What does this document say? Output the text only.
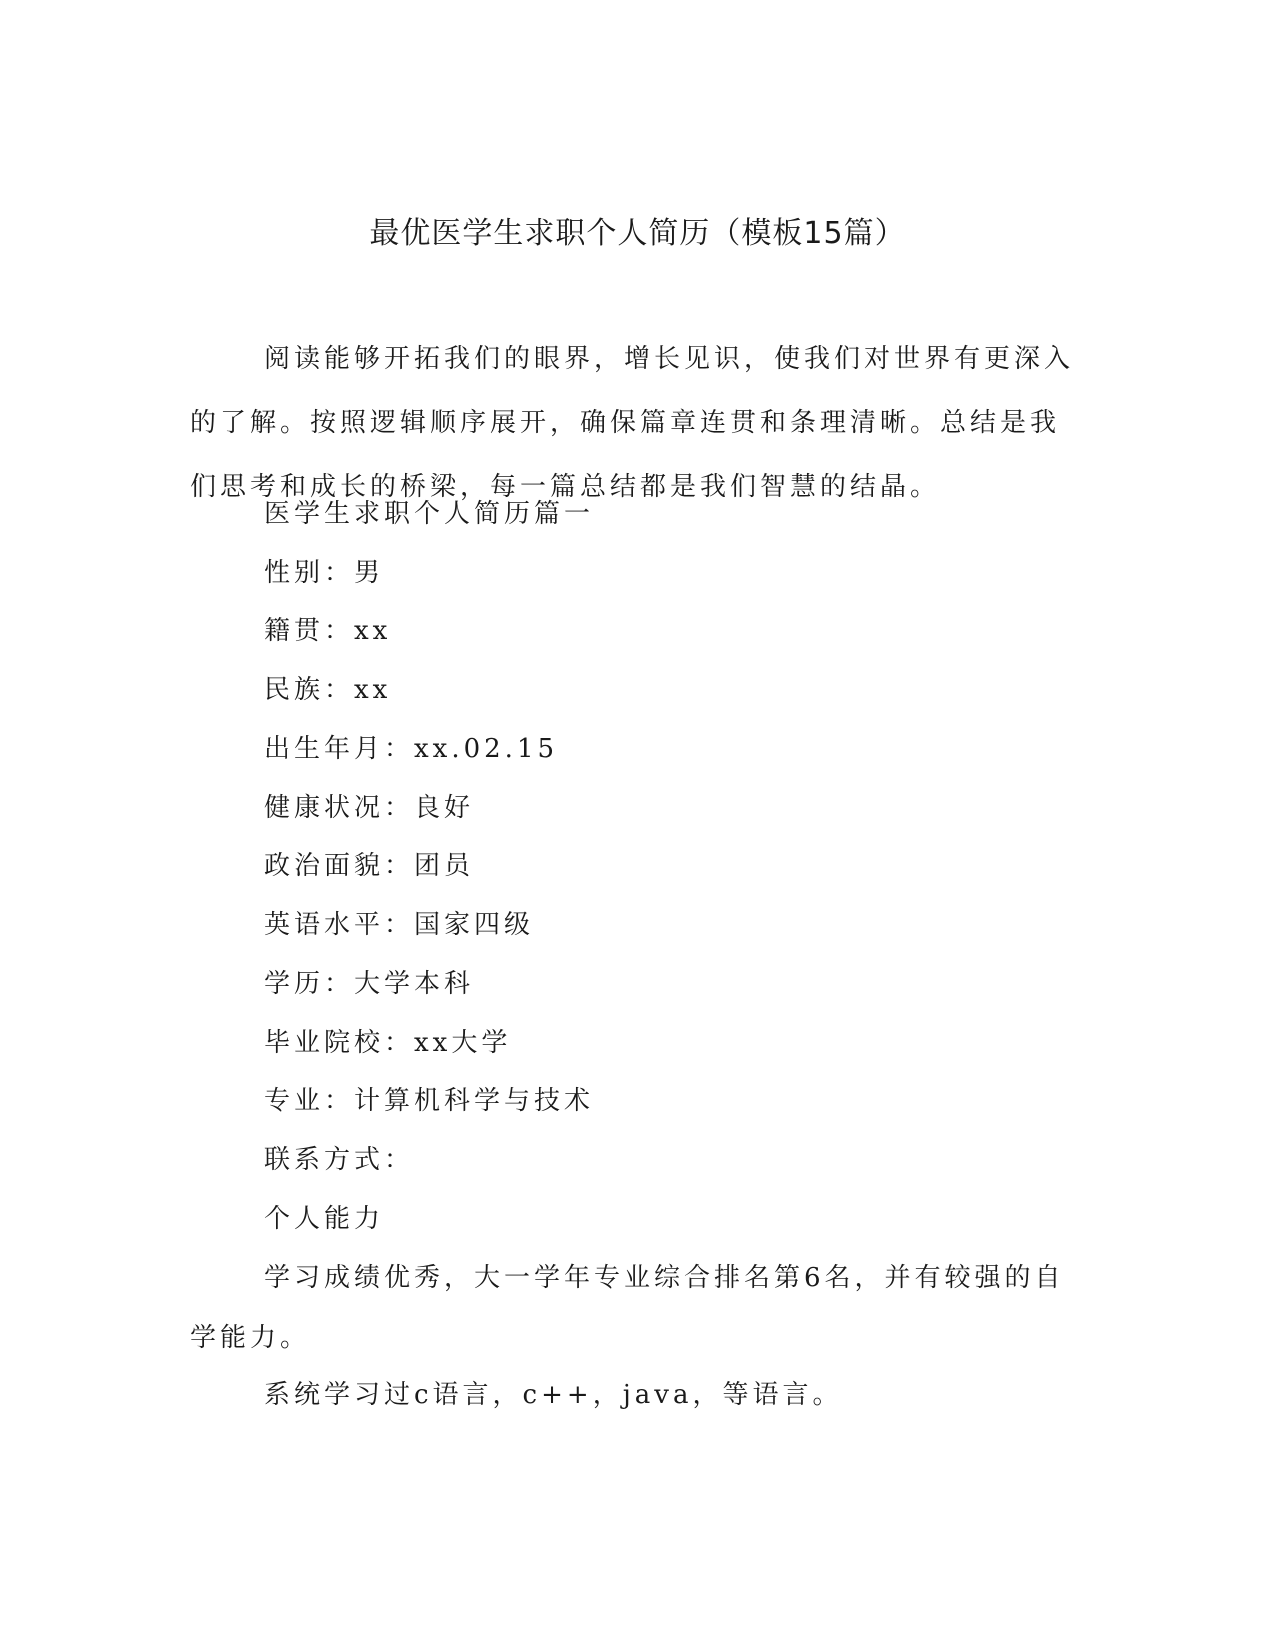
最优医学生求职个人简历（模板15篇）

阅读能够开拓我们的眼界，增长见识，使我们对世界有更深入的了解。按照逻辑顺序展开，确保篇章连贯和条理清晰。总结是我们思考和成长的桥梁，每一篇总结都是我们智慧的结晶。

医学生求职个人简历篇一

性别：男

籍贯：xx

民族：xx

出生年月：xx.02.15

健康状况：良好

政治面貌：团员

英语水平：国家四级

学历：大学本科

毕业院校：xx大学

专业：计算机科学与技术

联系方式：

个人能力

学习成绩优秀，大一学年专业综合排名第6名，并有较强的自学能力。

系统学习过c语言，c++，java，等语言。
